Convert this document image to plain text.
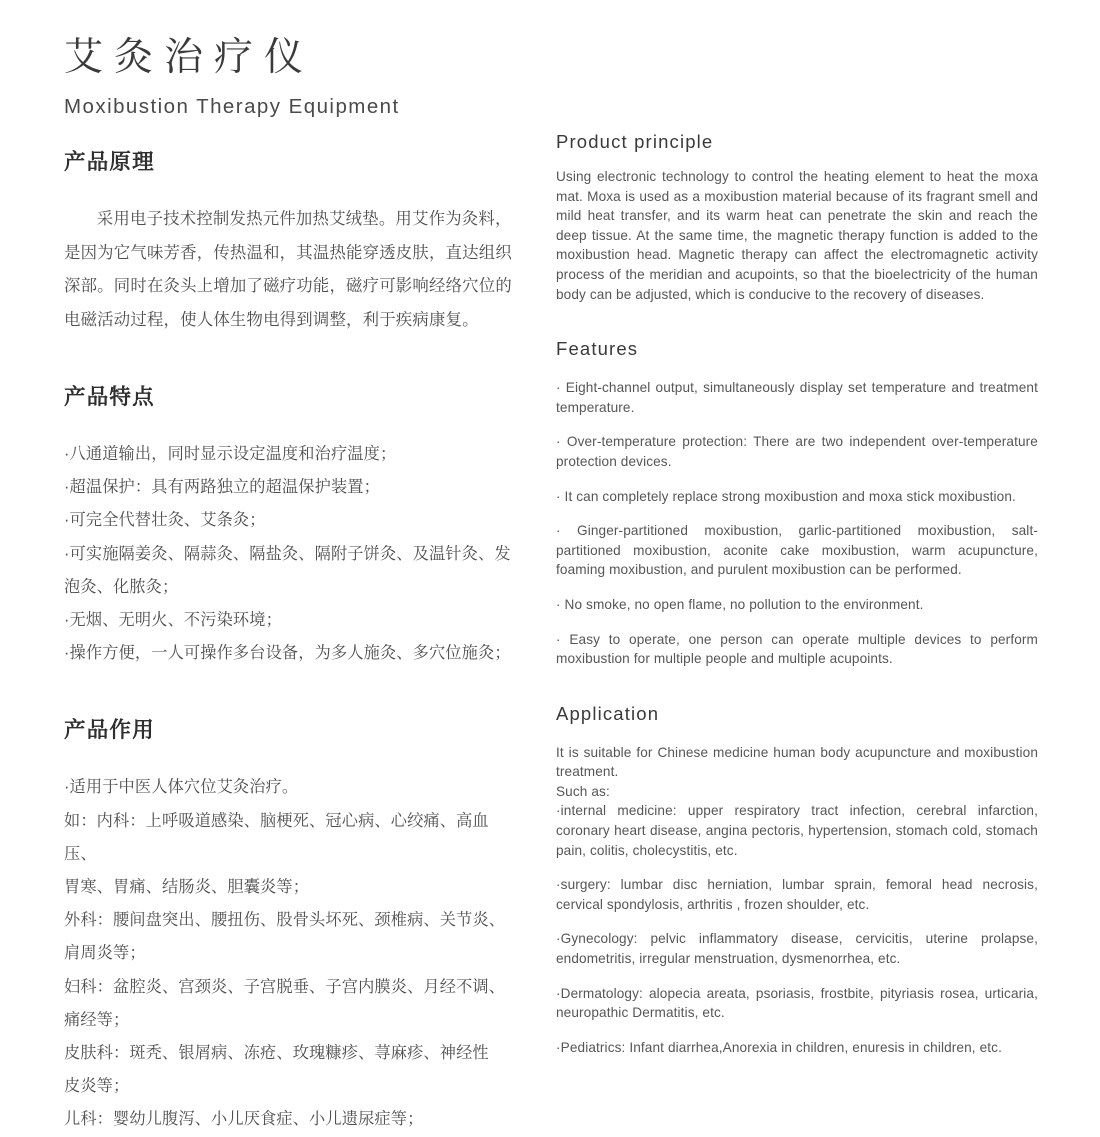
艾灸治疗仪
Moxibustion Therapy Equipment
产品原理

采用电子技术控制发热元件加热艾绒垫。用艾作为灸料，是因为它气味芳香，传热温和，其温热能穿透皮肤，直达组织深部。同时在灸头上增加了磁疗功能，磁疗可影响经络穴位的电磁活动过程，使人体生物电得到调整，利于疾病康复。

产品特点
·八通道输出，同时显示设定温度和治疗温度；
·超温保护：具有两路独立的超温保护装置；
·可完全代替壮灸、艾条灸；
·可实施隔姜灸、隔蒜灸、隔盐灸、隔附子饼灸、及温针灸、发
泡灸、化脓灸；
·无烟、无明火、不污染环境；
·操作方便，一人可操作多台设备，为多人施灸、多穴位施灸；
产品作用
·适用于中医人体穴位艾灸治疗。
如：内科：上呼吸道感染、脑梗死、冠心病、心绞痛、高血压、
胃寒、胃痛、结肠炎、胆囊炎等；
外科：腰间盘突出、腰扭伤、股骨头坏死、颈椎病、关节炎、
肩周炎等；
妇科：盆腔炎、宫颈炎、子宫脱垂、子宫内膜炎、月经不调、
痛经等；
皮肤科：斑秃、银屑病、冻疮、玫瑰糠疹、荨麻疹、神经性
皮炎等；
儿科：婴幼儿腹泻、小儿厌食症、小儿遗尿症等；
Product principle

Using electronic technology to control the heating element to heat the moxa mat. Moxa is used as a moxibustion material because of its fragrant smell and mild heat transfer, and its warm heat can penetrate the skin and reach the deep tissue. At the same time, the magnetic therapy function is added to the moxibustion head. Magnetic therapy can affect the electromagnetic activity process of the meridian and acupoints, so that the bioelectricity of the human body can be adjusted, which is conducive to the recovery of diseases.

Features

· Eight-channel output, simultaneously display set temperature and treatment temperature.

· Over-temperature protection: There are two independent over-temperature protection devices.

· It can completely replace strong moxibustion and moxa stick moxibustion.

· Ginger-partitioned moxibustion, garlic-partitioned moxibustion, salt-partitioned moxibustion, aconite cake moxibustion, warm acupuncture, foaming moxibustion, and purulent moxibustion can be performed.

· No smoke, no open flame, no pollution to the environment.

· Easy to operate, one person can operate multiple devices to perform moxibustion for multiple people and multiple acupoints.

Application

It is suitable for Chinese medicine human body acupuncture and moxibustion treatment.

Such as:

·internal medicine: upper respiratory tract infection, cerebral infarction, coronary heart disease, angina pectoris, hypertension, stomach cold, stomach pain, colitis, cholecystitis, etc.

·surgery: lumbar disc herniation, lumbar sprain, femoral head necrosis, cervical spondylosis, arthritis , frozen shoulder, etc.

·Gynecology: pelvic inflammatory disease, cervicitis, uterine prolapse, endometritis, irregular menstruation, dysmenorrhea, etc.

·Dermatology: alopecia areata, psoriasis, frostbite, pityriasis rosea, urticaria, neuropathic Dermatitis, etc.

·Pediatrics: Infant diarrhea,Anorexia in children, enuresis in children, etc.
